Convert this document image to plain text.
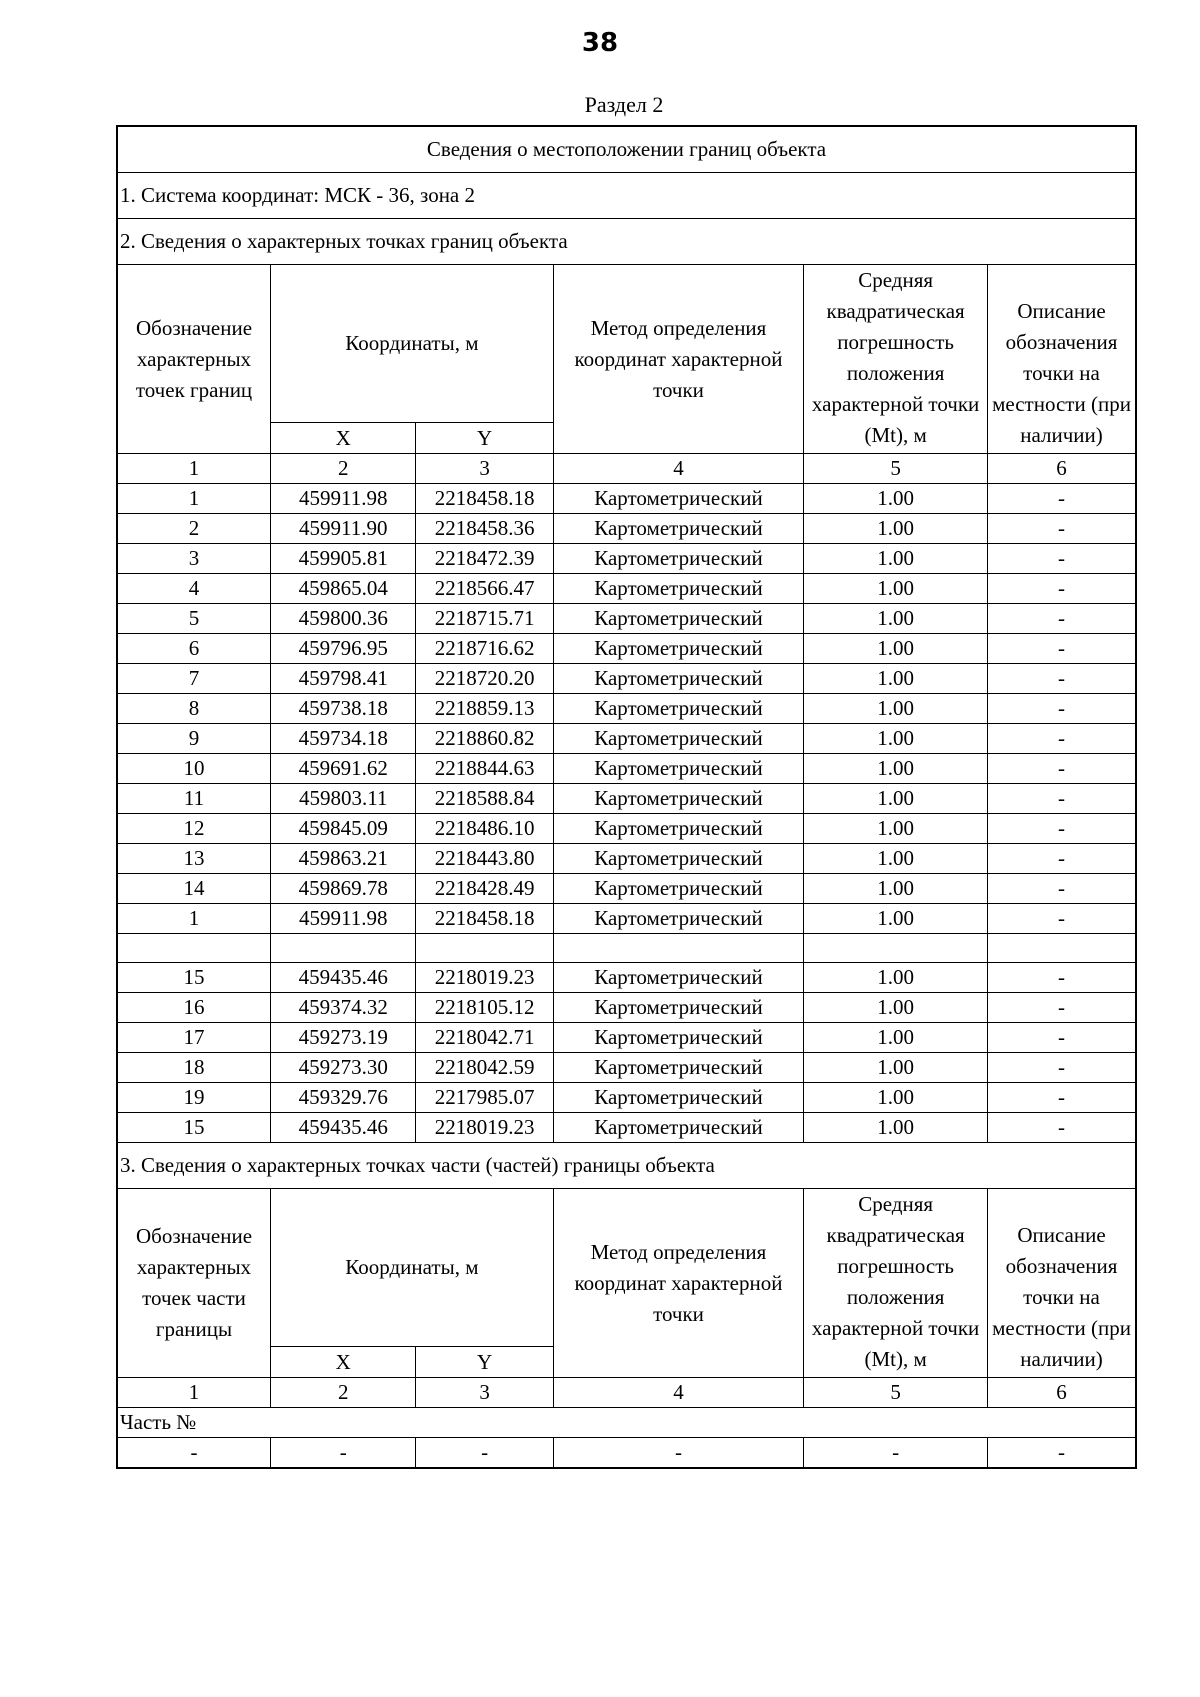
38
Раздел 2
Сведения о местоположении границ объекта					
1. Система координат: МСК - 36, зона 2					
2. Сведения о характерных точках границ объекта					
Обозначение характерных точек границ	Координаты, м		Метод определения координат характерной точки	Средняя квадратическая погрешность положения характерной точки (Mt), м	Описание обозначения точки на местности (при наличии)
	X	Y			
1	2	3	4	5	6
1	459911.98	2218458.18	Картометрический	1.00	-
2	459911.90	2218458.36	Картометрический	1.00	-
3	459905.81	2218472.39	Картометрический	1.00	-
4	459865.04	2218566.47	Картометрический	1.00	-
5	459800.36	2218715.71	Картометрический	1.00	-
6	459796.95	2218716.62	Картометрический	1.00	-
7	459798.41	2218720.20	Картометрический	1.00	-
8	459738.18	2218859.13	Картометрический	1.00	-
9	459734.18	2218860.82	Картометрический	1.00	-
10	459691.62	2218844.63	Картометрический	1.00	-
11	459803.11	2218588.84	Картометрический	1.00	-
12	459845.09	2218486.10	Картометрический	1.00	-
13	459863.21	2218443.80	Картометрический	1.00	-
14	459869.78	2218428.49	Картометрический	1.00	-
1	459911.98	2218458.18	Картометрический	1.00	-

15	459435.46	2218019.23	Картометрический	1.00	-
16	459374.32	2218105.12	Картометрический	1.00	-
17	459273.19	2218042.71	Картометрический	1.00	-
18	459273.30	2218042.59	Картометрический	1.00	-
19	459329.76	2217985.07	Картометрический	1.00	-
15	459435.46	2218019.23	Картометрический	1.00	-
3. Сведения о характерных точках части (частей) границы объекта					
Обозначение характерных точек части границы	Координаты, м		Метод определения координат характерной точки	Средняя квадратическая погрешность положения характерной точки (Mt), м	Описание обозначения точки на местности (при наличии)
	X	Y			
1	2	3	4	5	6
Часть №					
-	-	-	-	-	-
